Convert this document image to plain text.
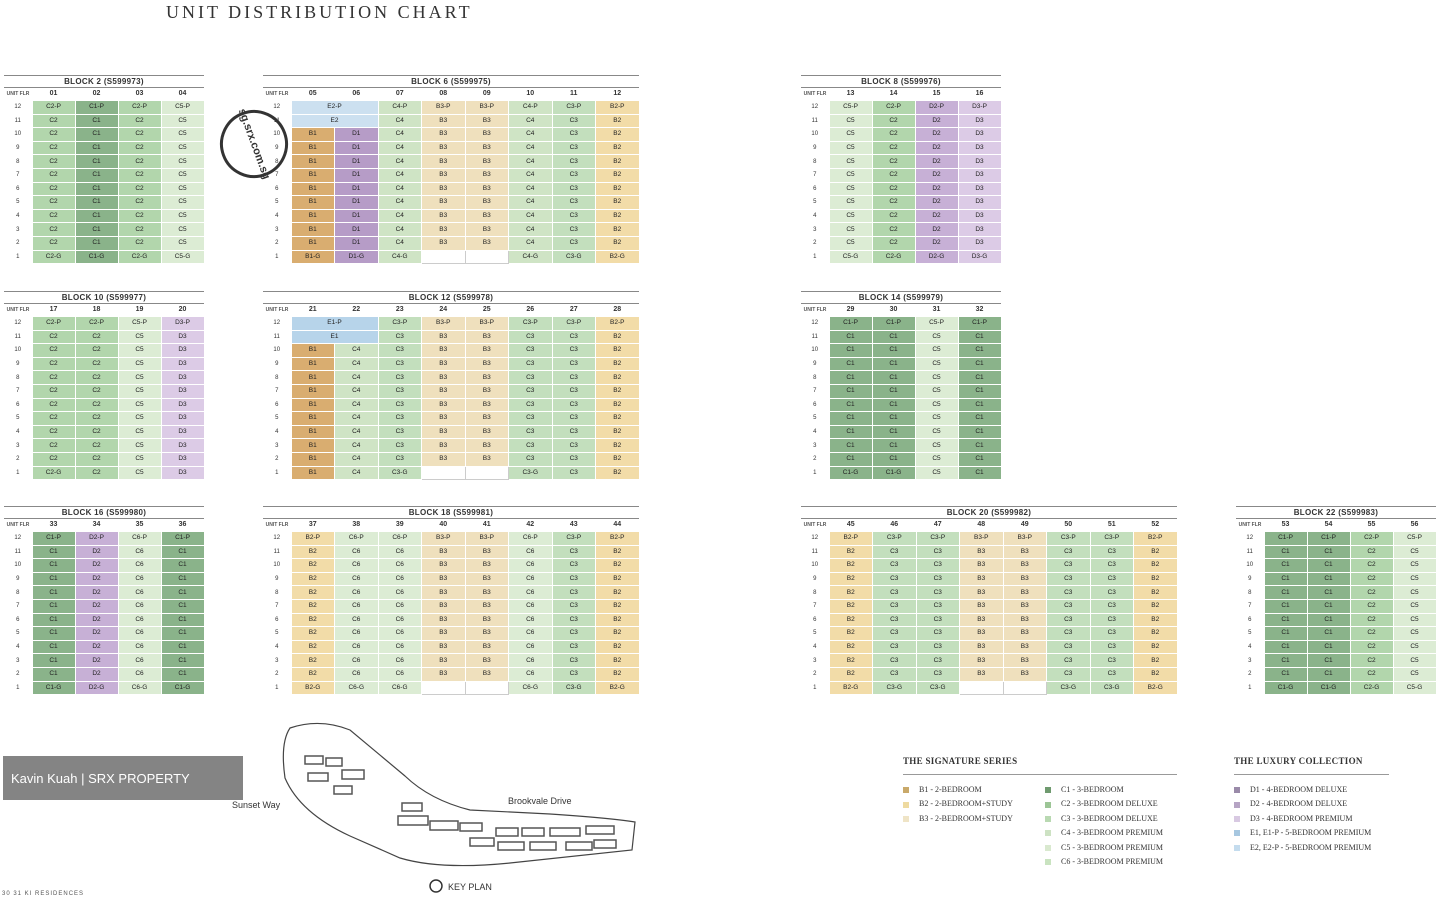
UNIT DISTRIBUTION CHART
BLOCK 2 (S599973)
UNIT FLR	01	02	03	04
12	C2-P	C1-P	C2-P	C5-P
11	C2	C1	C2	C5
10	C2	C1	C2	C5
9	C2	C1	C2	C5
8	C2	C1	C2	C5
7	C2	C1	C2	C5
6	C2	C1	C2	C5
5	C2	C1	C2	C5
4	C2	C1	C2	C5
3	C2	C1	C2	C5
2	C2	C1	C2	C5
1	C2-G	C1-G	C2-G	C5-G
BLOCK 6 (S599975)
UNIT FLR	05	06	07	08	09	10	11	12
12	E2-P		C4-P	B3-P	B3-P	C4-P	C3-P	B2-P
11	E2		C4	B3	B3	C4	C3	B2
10	B1	D1	C4	B3	B3	C4	C3	B2
9	B1	D1	C4	B3	B3	C4	C3	B2
8	B1	D1	C4	B3	B3	C4	C3	B2
7	B1	D1	C4	B3	B3	C4	C3	B2
6	B1	D1	C4	B3	B3	C4	C3	B2
5	B1	D1	C4	B3	B3	C4	C3	B2
4	B1	D1	C4	B3	B3	C4	C3	B2
3	B1	D1	C4	B3	B3	C4	C3	B2
2	B1	D1	C4	B3	B3	C4	C3	B2
1	B1-G	D1-G	C4-G			C4-G	C3-G	B2-G
BLOCK 8 (S599976)
UNIT FLR	13	14	15	16
12	C5-P	C2-P	D2-P	D3-P
11	C5	C2	D2	D3
10	C5	C2	D2	D3
9	C5	C2	D2	D3
8	C5	C2	D2	D3
7	C5	C2	D2	D3
6	C5	C2	D2	D3
5	C5	C2	D2	D3
4	C5	C2	D2	D3
3	C5	C2	D2	D3
2	C5	C2	D2	D3
1	C5-G	C2-G	D2-G	D3-G
BLOCK 10 (S599977)
UNIT FLR	17	18	19	20
12	C2-P	C2-P	C5-P	D3-P
11	C2	C2	C5	D3
10	C2	C2	C5	D3
9	C2	C2	C5	D3
8	C2	C2	C5	D3
7	C2	C2	C5	D3
6	C2	C2	C5	D3
5	C2	C2	C5	D3
4	C2	C2	C5	D3
3	C2	C2	C5	D3
2	C2	C2	C5	D3
1	C2-G	C2	C5	D3
BLOCK 12 (S599978)
UNIT FLR	21	22	23	24	25	26	27	28
12	E1-P		C3-P	B3-P	B3-P	C3-P	C3-P	B2-P
11	E1		C3	B3	B3	C3	C3	B2
10	B1	C4	C3	B3	B3	C3	C3	B2
9	B1	C4	C3	B3	B3	C3	C3	B2
8	B1	C4	C3	B3	B3	C3	C3	B2
7	B1	C4	C3	B3	B3	C3	C3	B2
6	B1	C4	C3	B3	B3	C3	C3	B2
5	B1	C4	C3	B3	B3	C3	C3	B2
4	B1	C4	C3	B3	B3	C3	C3	B2
3	B1	C4	C3	B3	B3	C3	C3	B2
2	B1	C4	C3	B3	B3	C3	C3	B2
1	B1	C4	C3-G			C3-G	C3	B2
BLOCK 14 (S599979)
UNIT FLR	29	30	31	32
12	C1-P	C1-P	C5-P	C1-P
11	C1	C1	C5	C1
10	C1	C1	C5	C1
9	C1	C1	C5	C1
8	C1	C1	C5	C1
7	C1	C1	C5	C1
6	C1	C1	C5	C1
5	C1	C1	C5	C1
4	C1	C1	C5	C1
3	C1	C1	C5	C1
2	C1	C1	C5	C1
1	C1-G	C1-G	C5	C1
BLOCK 16 (S599980)
UNIT FLR	33	34	35	36
12	C1-P	D2-P	C6-P	C1-P
11	C1	D2	C6	C1
10	C1	D2	C6	C1
9	C1	D2	C6	C1
8	C1	D2	C6	C1
7	C1	D2	C6	C1
6	C1	D2	C6	C1
5	C1	D2	C6	C1
4	C1	D2	C6	C1
3	C1	D2	C6	C1
2	C1	D2	C6	C1
1	C1-G	D2-G	C6-G	C1-G
BLOCK 18 (S599981)
UNIT FLR	37	38	39	40	41	42	43	44
12	B2-P	C6-P	C6-P	B3-P	B3-P	C6-P	C3-P	B2-P
11	B2	C6	C6	B3	B3	C6	C3	B2
10	B2	C6	C6	B3	B3	C6	C3	B2
9	B2	C6	C6	B3	B3	C6	C3	B2
8	B2	C6	C6	B3	B3	C6	C3	B2
7	B2	C6	C6	B3	B3	C6	C3	B2
6	B2	C6	C6	B3	B3	C6	C3	B2
5	B2	C6	C6	B3	B3	C6	C3	B2
4	B2	C6	C6	B3	B3	C6	C3	B2
3	B2	C6	C6	B3	B3	C6	C3	B2
2	B2	C6	C6	B3	B3	C6	C3	B2
1	B2-G	C6-G	C6-G			C6-G	C3-G	B2-G
BLOCK 20 (S599982)
UNIT FLR	45	46	47	48	49	50	51	52
12	B2-P	C3-P	C3-P	B3-P	B3-P	C3-P	C3-P	B2-P
11	B2	C3	C3	B3	B3	C3	C3	B2
10	B2	C3	C3	B3	B3	C3	C3	B2
9	B2	C3	C3	B3	B3	C3	C3	B2
8	B2	C3	C3	B3	B3	C3	C3	B2
7	B2	C3	C3	B3	B3	C3	C3	B2
6	B2	C3	C3	B3	B3	C3	C3	B2
5	B2	C3	C3	B3	B3	C3	C3	B2
4	B2	C3	C3	B3	B3	C3	C3	B2
3	B2	C3	C3	B3	B3	C3	C3	B2
2	B2	C3	C3	B3	B3	C3	C3	B2
1	B2-G	C3-G	C3-G			C3-G	C3-G	B2-G
BLOCK 22 (S599983)
UNIT FLR	53	54	55	56
12	C1-P	C1-P	C2-P	C5-P
11	C1	C1	C2	C5
10	C1	C1	C2	C5
9	C1	C1	C2	C5
8	C1	C1	C2	C5
7	C1	C1	C2	C5
6	C1	C1	C2	C5
5	C1	C1	C2	C5
4	C1	C1	C2	C5
3	C1	C1	C2	C5
2	C1	C1	C2	C5
1	C1-G	C1-G	C2-G	C5-G
sg.srx.com.sg
Kavin Kuah | SRX PROPERTY
Sunset Way	Brookvale Drive
KEY PLAN
THE SIGNATURE SERIES
B1 - 2-BEDROOM
B2 - 2-BEDROOM+STUDY
B3 - 2-BEDROOM+STUDY
C1 - 3-BEDROOM
C2 - 3-BEDROOM DELUXE
C3 - 3-BEDROOM DELUXE
C4 - 3-BEDROOM PREMIUM
C5 - 3-BEDROOM PREMIUM
C6 - 3-BEDROOM PREMIUM
THE LUXURY COLLECTION
D1 - 4-BEDROOM DELUXE
D2 - 4-BEDROOM DELUXE
D3 - 4-BEDROOM PREMIUM
E1, E1-P - 5-BEDROOM PREMIUM
E2, E2-P - 5-BEDROOM PREMIUM
30 31 KI RESIDENCES
